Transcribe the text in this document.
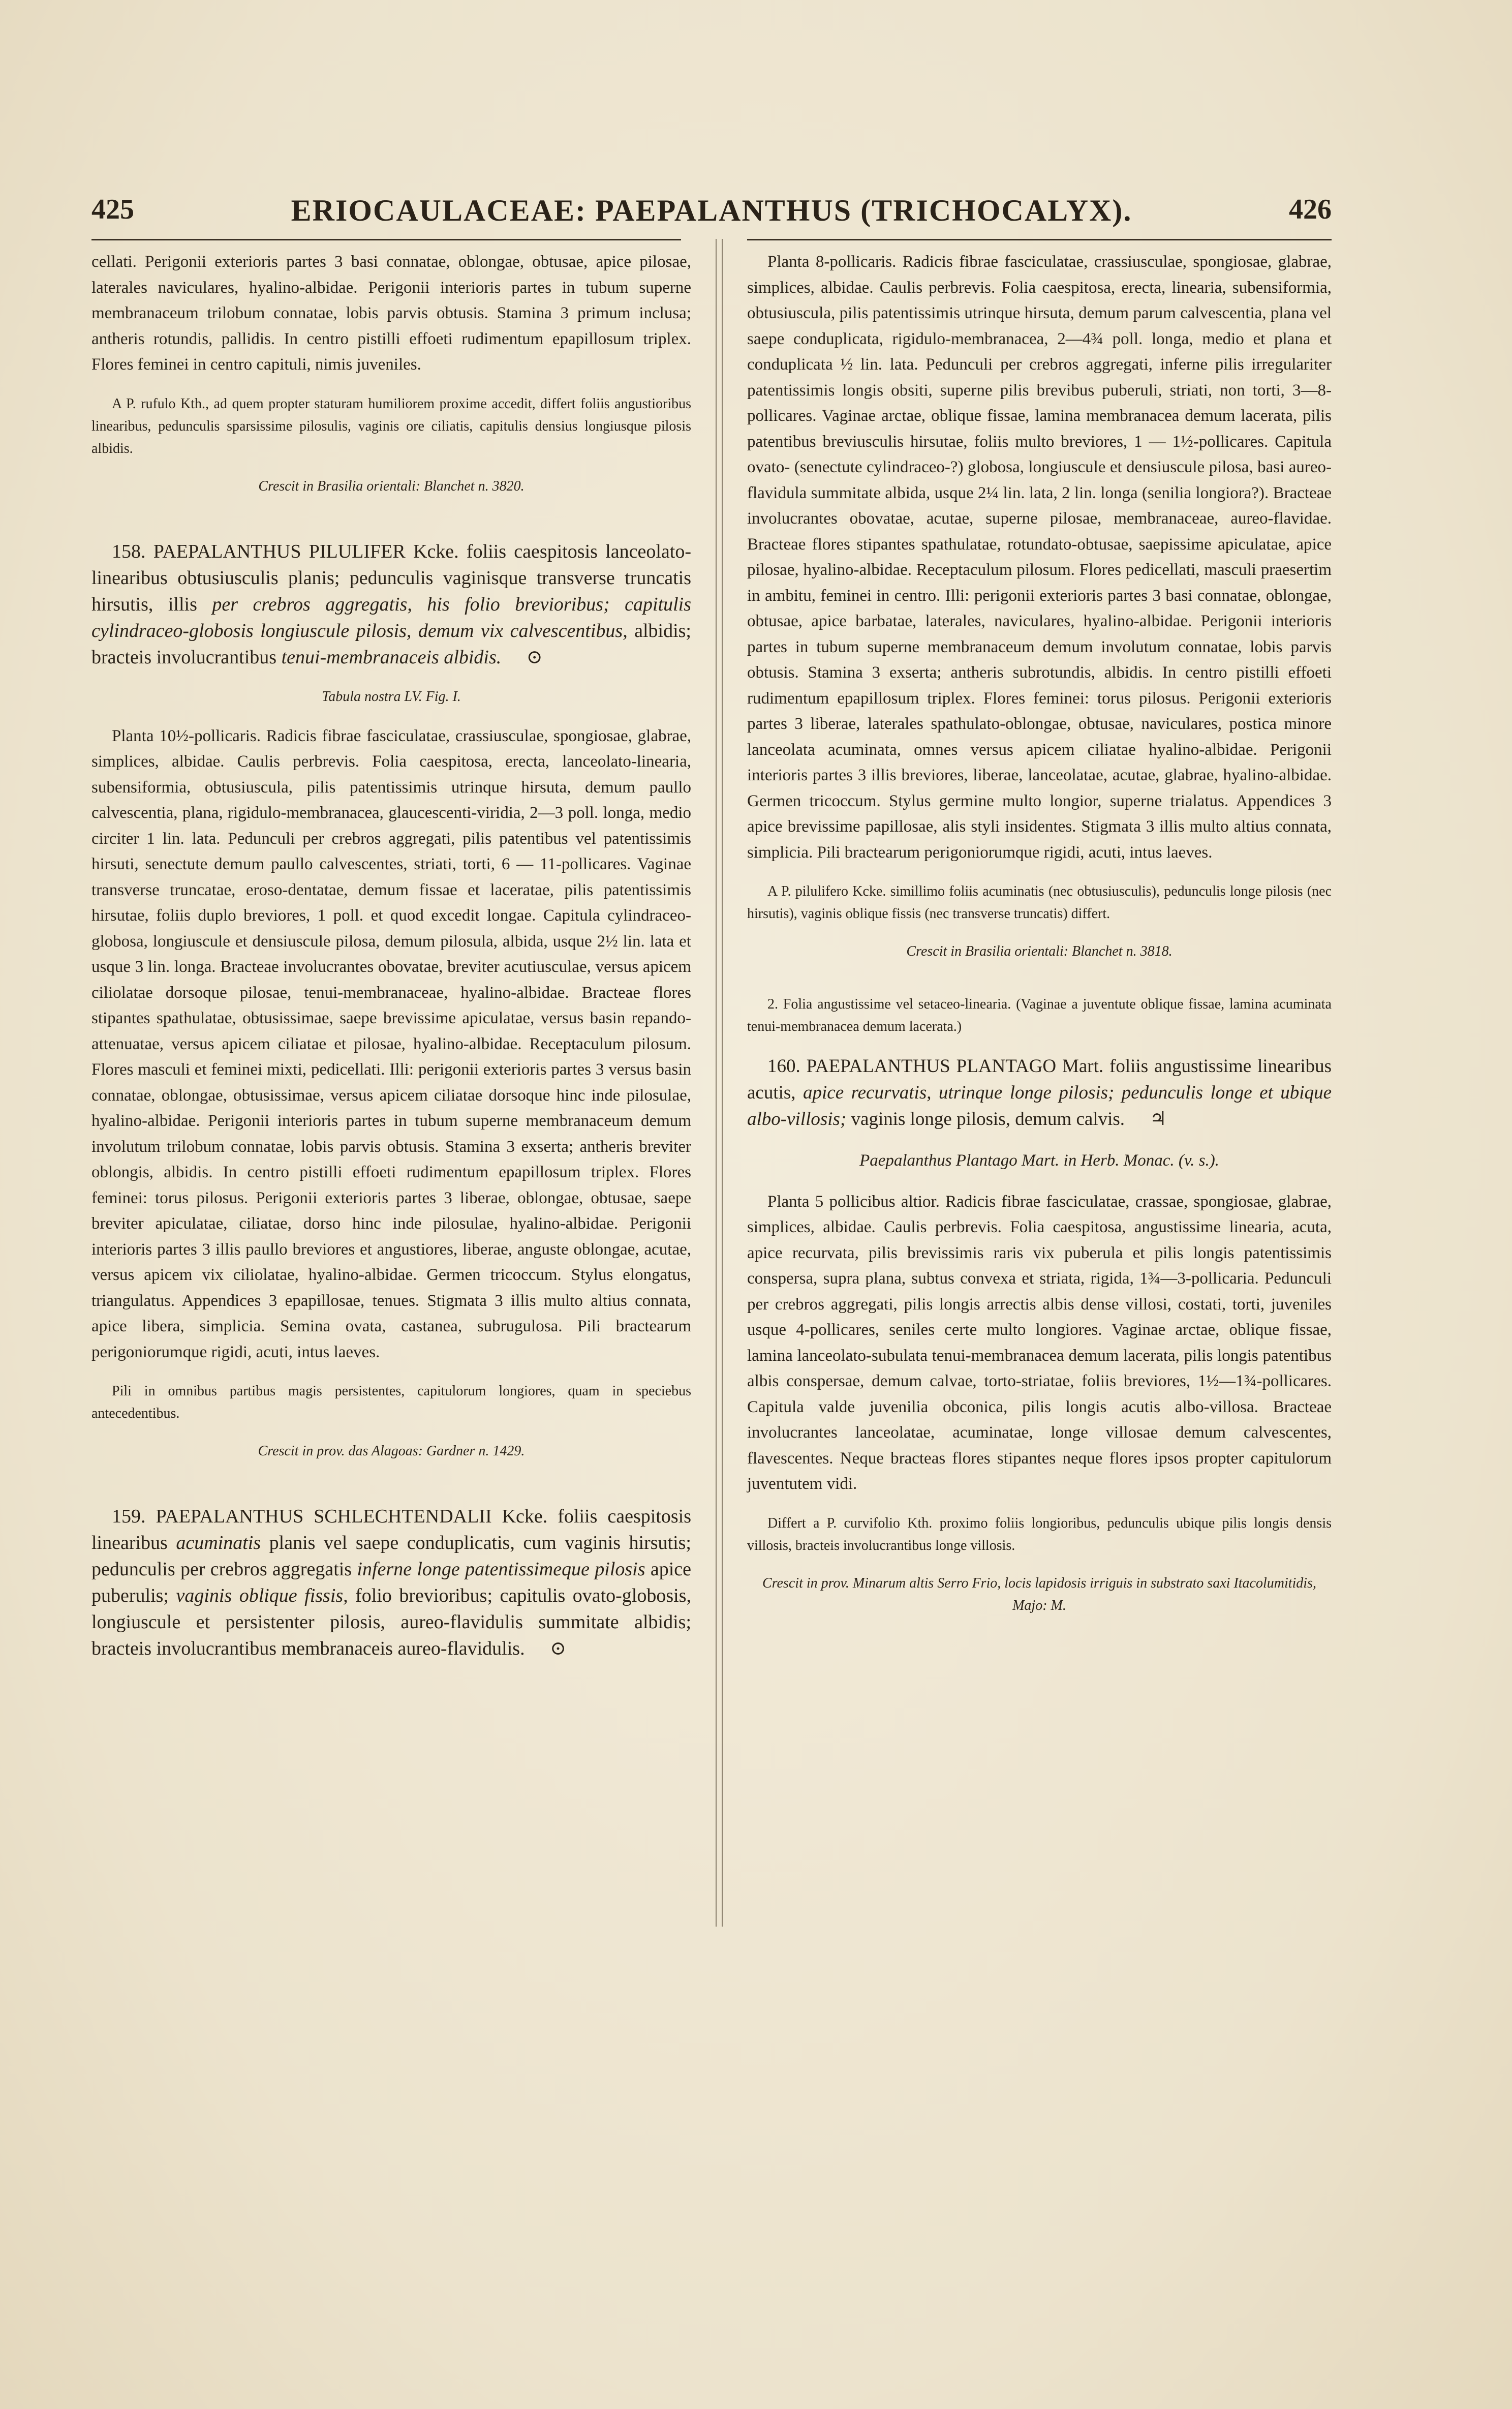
425	ERIOCAULACEAE: PAEPALANTHUS (TRICHOCALYX).	426

cellati. Perigonii exterioris partes 3 basi connatae, oblongae, obtusae, apice pilosae, laterales naviculares, hyalino-albidae. Perigonii interioris partes in tubum superne membranaceum trilobum connatae, lobis parvis obtusis. Stamina 3 primum inclusa; antheris rotundis, pallidis. In centro pistilli effoeti rudimentum epapillosum triplex. Flores feminei in centro capituli, nimis juveniles.

A P. rufulo Kth., ad quem propter staturam humiliorem proxime accedit, differt foliis angustioribus linearibus, pedunculis sparsissime pilosulis, vaginis ore ciliatis, capitulis densius longiusque pilosis albidis.

Crescit in Brasilia orientali: Blanchet n. 3820.

158. PAEPALANTHUS PILULIFER Kcke. foliis caespitosis lanceolato-linearibus obtusiusculis planis; pedunculis vaginisque transverse truncatis hirsutis, illis per crebros aggregatis, his folio brevioribus; capitulis cylindraceo-globosis longiuscule pilosis, demum vix calvescentibus, albidis; bracteis involucrantibus tenui-membranaceis albidis. ⊙

Tabula nostra LV. Fig. I.

Planta 10½-pollicaris. Radicis fibrae fasciculatae, crassiusculae, spongiosae, glabrae, simplices, albidae. Caulis perbrevis. Folia caespitosa, erecta, lanceolato-linearia, subensiformia, obtusiuscula, pilis patentissimis utrinque hirsuta, demum paullo calvescentia, plana, rigidulo-membranacea, glaucescenti-viridia, 2—3 poll. longa, medio circiter 1 lin. lata. Pedunculi per crebros aggregati, pilis patentibus vel patentissimis hirsuti, senectute demum paullo calvescentes, striati, torti, 6 — 11-pollicares. Vaginae transverse truncatae, eroso-dentatae, demum fissae et laceratae, pilis patentissimis hirsutae, foliis duplo breviores, 1 poll. et quod excedit longae. Capitula cylindraceo-globosa, longiuscule et densiuscule pilosa, demum pilosula, albida, usque 2½ lin. lata et usque 3 lin. longa. Bracteae involucrantes obovatae, breviter acutiusculae, versus apicem ciliolatae dorsoque pilosae, tenui-membranaceae, hyalino-albidae. Bracteae flores stipantes spathulatae, obtusissimae, saepe brevissime apiculatae, versus basin repando-attenuatae, versus apicem ciliatae et pilosae, hyalino-albidae. Receptaculum pilosum. Flores masculi et feminei mixti, pedicellati. Illi: perigonii exterioris partes 3 versus basin connatae, oblongae, obtusissimae, versus apicem ciliatae dorsoque hinc inde pilosulae, hyalino-albidae. Perigonii interioris partes in tubum superne membranaceum demum involutum trilobum connatae, lobis parvis obtusis. Stamina 3 exserta; antheris breviter oblongis, albidis. In centro pistilli effoeti rudimentum epapillosum triplex. Flores feminei: torus pilosus. Perigonii exterioris partes 3 liberae, oblongae, obtusae, saepe breviter apiculatae, ciliatae, dorso hinc inde pilosulae, hyalino-albidae. Perigonii interioris partes 3 illis paullo breviores et angustiores, liberae, anguste oblongae, acutae, versus apicem vix ciliolatae, hyalino-albidae. Germen tricoccum. Stylus elongatus, triangulatus. Appendices 3 epapillosae, tenues. Stigmata 3 illis multo altius connata, apice libera, simplicia. Semina ovata, castanea, subrugulosa. Pili bractearum perigoniorumque rigidi, acuti, intus laeves.

Pili in omnibus partibus magis persistentes, capitulorum longiores, quam in speciebus antecedentibus.

Crescit in prov. das Alagoas: Gardner n. 1429.

159. PAEPALANTHUS SCHLECHTENDALII Kcke. foliis caespitosis linearibus acuminatis planis vel saepe conduplicatis, cum vaginis hirsutis; pedunculis per crebros aggregatis inferne longe patentissimeque pilosis apice puberulis; vaginis oblique fissis, folio brevioribus; capitulis ovato-globosis, longiuscule et persistenter pilosis, aureo-flavidulis summitate albidis; bracteis involucrantibus membranaceis aureo-flavidulis. ⊙

Planta 8-pollicaris. Radicis fibrae fasciculatae, crassiusculae, spongiosae, glabrae, simplices, albidae. Caulis perbrevis. Folia caespitosa, erecta, linearia, subensiformia, obtusiuscula, pilis patentissimis utrinque hirsuta, demum parum calvescentia, plana vel saepe conduplicata, rigidulo-membranacea, 2—4¾ poll. longa, medio et plana et conduplicata ½ lin. lata. Pedunculi per crebros aggregati, inferne pilis irregulariter patentissimis longis obsiti, superne pilis brevibus puberuli, striati, non torti, 3—8-pollicares. Vaginae arctae, oblique fissae, lamina membranacea demum lacerata, pilis patentibus breviusculis hirsutae, foliis multo breviores, 1 — 1½-pollicares. Capitula ovato- (senectute cylindraceo-?) globosa, longiuscule et densiuscule pilosa, basi aureo-flavidula summitate albida, usque 2¼ lin. lata, 2 lin. longa (senilia longiora?). Bracteae involucrantes obovatae, acutae, superne pilosae, membranaceae, aureo-flavidae. Bracteae flores stipantes spathulatae, rotundato-obtusae, saepissime apiculatae, apice pilosae, hyalino-albidae. Receptaculum pilosum. Flores pedicellati, masculi praesertim in ambitu, feminei in centro. Illi: perigonii exterioris partes 3 basi connatae, oblongae, obtusae, apice barbatae, laterales, naviculares, hyalino-albidae. Perigonii interioris partes in tubum superne membranaceum demum involutum connatae, lobis parvis obtusis. Stamina 3 exserta; antheris subrotundis, albidis. In centro pistilli effoeti rudimentum epapillosum triplex. Flores feminei: torus pilosus. Perigonii exterioris partes 3 liberae, laterales spathulato-oblongae, obtusae, naviculares, postica minore lanceolata acuminata, omnes versus apicem ciliatae hyalino-albidae. Perigonii interioris partes 3 illis breviores, liberae, lanceolatae, acutae, glabrae, hyalino-albidae. Germen tricoccum. Stylus germine multo longior, superne trialatus. Appendices 3 apice brevissime papillosae, alis styli insidentes. Stigmata 3 illis multo altius connata, simplicia. Pili bractearum perigoniorumque rigidi, acuti, intus laeves.

A P. pilulifero Kcke. simillimo foliis acuminatis (nec obtusiusculis), pedunculis longe pilosis (nec hirsutis), vaginis oblique fissis (nec transverse truncatis) differt.

Crescit in Brasilia orientali: Blanchet n. 3818.

2. Folia angustissime vel setaceo-linearia. (Vaginae a juventute oblique fissae, lamina acuminata tenui-membranacea demum lacerata.)

160. PAEPALANTHUS PLANTAGO Mart. foliis angustissime linearibus acutis, apice recurvatis, utrinque longe pilosis; pedunculis longe et ubique albo-villosis; vaginis longe pilosis, demum calvis. ♃

Paepalanthus Plantago Mart. in Herb. Monac. (v. s.).

Planta 5 pollicibus altior. Radicis fibrae fasciculatae, crassae, spongiosae, glabrae, simplices, albidae. Caulis perbrevis. Folia caespitosa, angustissime linearia, acuta, apice recurvata, pilis brevissimis raris vix puberula et pilis longis patentissimis conspersa, supra plana, subtus convexa et striata, rigida, 1¾—3-pollicaria. Pedunculi per crebros aggregati, pilis longis arrectis albis dense villosi, costati, torti, juveniles usque 4-pollicares, seniles certe multo longiores. Vaginae arctae, oblique fissae, lamina lanceolato-subulata tenui-membranacea demum lacerata, pilis longis patentibus albis conspersae, demum calvae, torto-striatae, foliis breviores, 1½—1¾-pollicares. Capitula valde juvenilia obconica, pilis longis acutis albo-villosa. Bracteae involucrantes lanceolatae, acuminatae, longe villosae demum calvescentes, flavescentes. Neque bracteas flores stipantes neque flores ipsos propter capitulorum juventutem vidi.

Differt a P. curvifolio Kth. proximo foliis longioribus, pedunculis ubique pilis longis densis villosis, bracteis involucrantibus longe villosis.

Crescit in prov. Minarum altis Serro Frio, locis lapidosis irriguis in substrato saxi Itacolumitidis, Majo: M.
